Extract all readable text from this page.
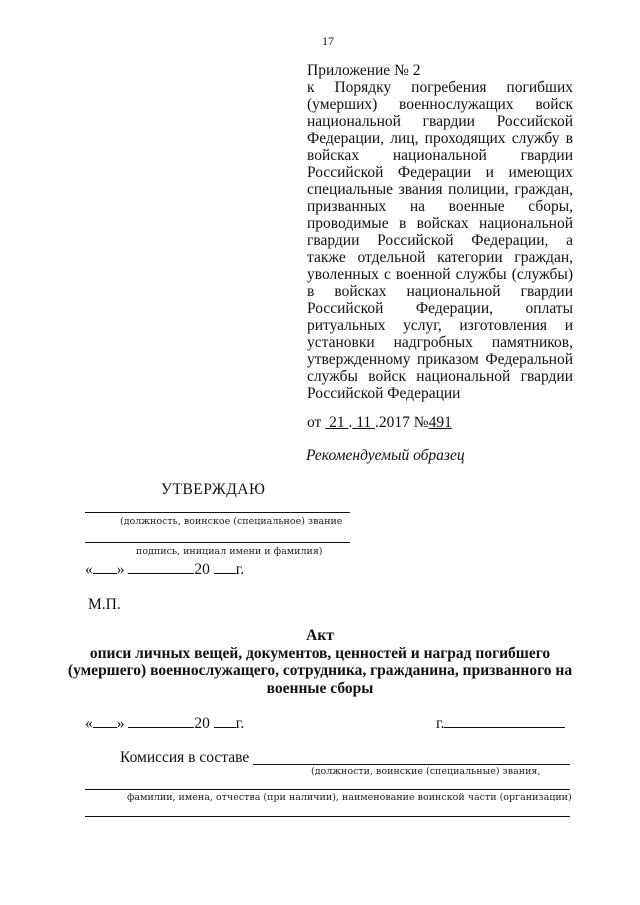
17
Приложение № 2
к Порядку погребения погибших (умерших) военнослужащих войск национальной гвардии Российской Федерации, лиц, проходящих службу в войсках национальной гвардии Российской Федерации и имеющих специальные звания полиции, граждан, призванных на военные сборы, проводимые в войсках национальной гвардии Российской Федерации, а также отдельной категории граждан, уволенных с военной службы (службы) в войсках национальной гвардии Российской Федерации, оплаты ритуальных услуг, изготовления и установки надгробных памятников, утвержденному приказом Федеральной службы войск национальной гвардии Российской Федерации
от 21 . 11 .2017 №491
Рекомендуемый образец
УТВЕРЖДАЮ
(должность, воинское (специальное) звание
подпись, инициал имени и фамилия)
« »	20 г.
М.П.
Акт
описи личных вещей, документов, ценностей и наград погибшего (умершего) военнослужащего, сотрудника, гражданина, призванного на военные сборы
« »	20 г.	г.
Комиссия в составе
(должности, воинские (специальные) звания,
фамилии, имена, отчества (при наличии), наименование воинской части (организации)
